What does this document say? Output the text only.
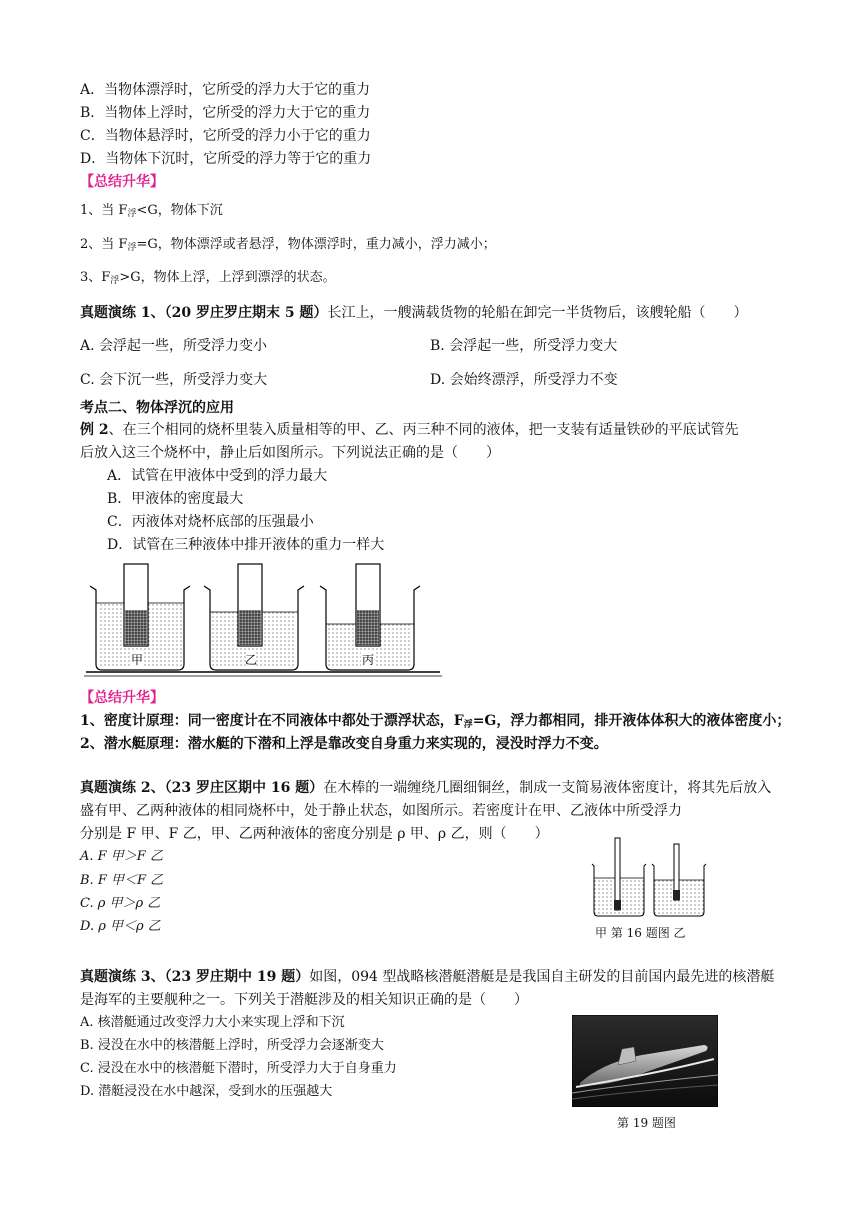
A．当物体漂浮时，它所受的浮力大于它的重力
B．当物体上浮时，它所受的浮力大于它的重力
C．当物体悬浮时，它所受的浮力小于它的重力
D．当物体下沉时，它所受的浮力等于它的重力
【总结升华】
1、当 $F_浮<G$，物体下沉
2、当 $F_浮=G$，物体漂浮或者悬浮，物体漂浮时，重力减小，浮力减小；
3、$F_浮>G$，物体上浮，上浮到漂浮的状态。
真题演练 1、（20 罗庄罗庄期末 5 题）长江上，一艘满载货物的轮船在卸完一半货物后，该艘轮船（　　）
A. 会浮起一些，所受浮力变小	B. 会浮起一些，所受浮力变大
C. 会下沉一些，所受浮力变大	D. 会始终漂浮，所受浮力不变
考点二、物体浮沉的应用
例 2、在三个相同的烧杯里装入质量相等的甲、乙、丙三种不同的液体，把一支装有适量铁砂的平底试管先
后放入这三个烧杯中，静止后如图所示。下列说法正确的是（　　）
A．试管在甲液体中受到的浮力最大
B．甲液体的密度最大
C．丙液体对烧杯底部的压强最小
D．试管在三种液体中排开液体的重力一样大
甲	乙	丙
【总结升华】
1、密度计原理：同一密度计在不同液体中都处于漂浮状态，$F_浮=G$，浮力都相同，排开液体体积大的液体密度小；
2、潜水艇原理：潜水艇的下潜和上浮是靠改变自身重力来实现的，浸没时浮力不变。
真题演练 2、（23 罗庄区期中 16 题）在木棒的一端缠绕几圈细铜丝，制成一支简易液体密度计，将其先后放入
盛有甲、乙两种液体的相同烧杯中，处于静止状态，如图所示。若密度计在甲、乙液体中所受浮力
分别是 F 甲、F 乙，甲、乙两种液体的密度分别是 ρ 甲、ρ 乙，则（　　）
A. F 甲＞F 乙
B. F 甲＜F 乙
C. ρ 甲＞ρ 乙
D. ρ 甲＜ρ 乙	甲 第 16 题图 乙
真题演练 3、（23 罗庄期中 19 题）如图，094 型战略核潜艇潜艇是是我国自主研发的目前国内最先进的核潜艇
是海军的主要舰种之一。下列关于潜艇涉及的相关知识正确的是（　　）
A. 核潜艇通过改变浮力大小来实现上浮和下沉
B. 浸没在水中的核潜艇上浮时，所受浮力会逐渐变大
C. 浸没在水中的核潜艇下潜时，所受浮力大于自身重力
D. 潜艇浸没在水中越深，受到水的压强越大
第 19 题图
